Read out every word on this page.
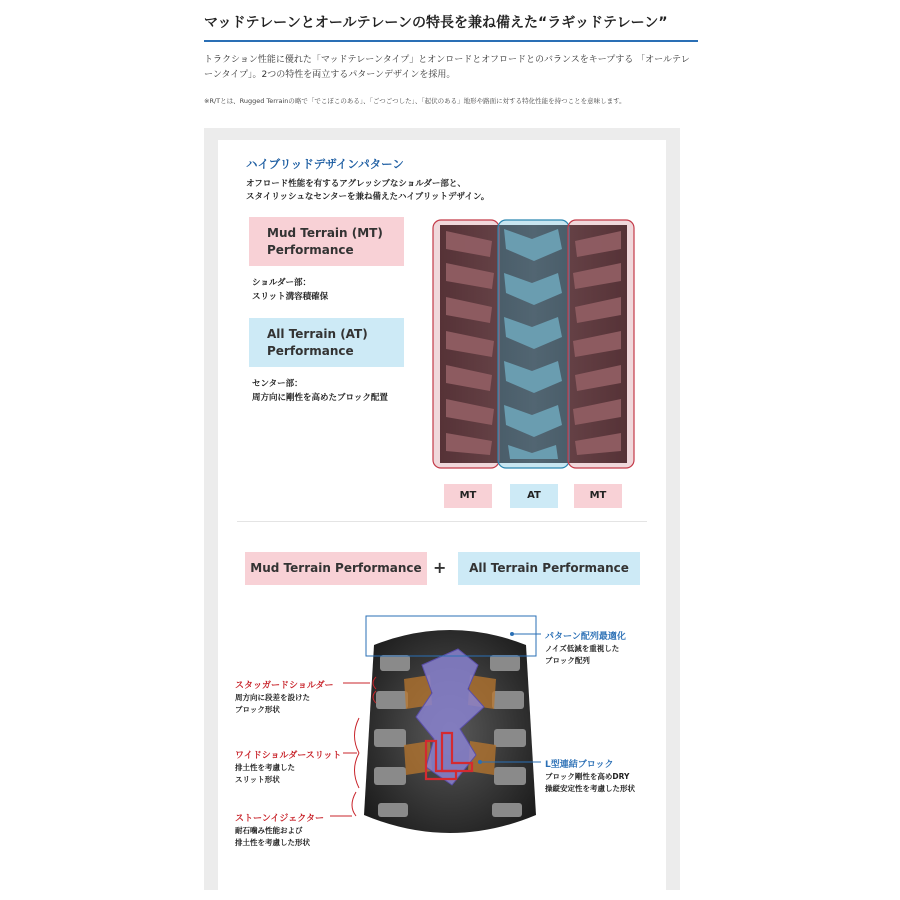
マッドテレーンとオールテレーンの特長を兼ね備えた“ラギッドテレーン”
トラクション性能に優れた「マッドテレーンタイプ」とオンロードとオフロードとのバランスをキープする 「オールテレーンタイプ」。2つの特性を両立するパターンデザインを採用。
※R/Tとは、Rugged Terrainの略で「でこぼこのある」、「ごつごつした」、「起伏のある」地形や路面に対する特化性能を持つことを意味します。
ハイブリッドデザインパターン
オフロード性能を有するアグレッシブなショルダー部と、
スタイリッシュなセンターを兼ね備えたハイブリットデザイン。
Mud Terrain (MT)
Performance
ショルダー部：
スリット溝容積確保
All Terrain (AT)
Performance
センター部：
周方向に剛性を高めたブロック配置
MT	AT	MT
Mud Terrain Performance +	All Terrain Performance
パターン配列最適化
ノイズ低減を重視した
ブロック配列
スタッガードショルダー
周方向に段差を設けた
ブロック形状
ワイドショルダースリット
排土性を考慮した
スリット形状
L型連結ブロック
ブロック剛性を高めDRY
操縦安定性を考慮した形状
ストーンイジェクター
耐石噛み性能および
排土性を考慮した形状
